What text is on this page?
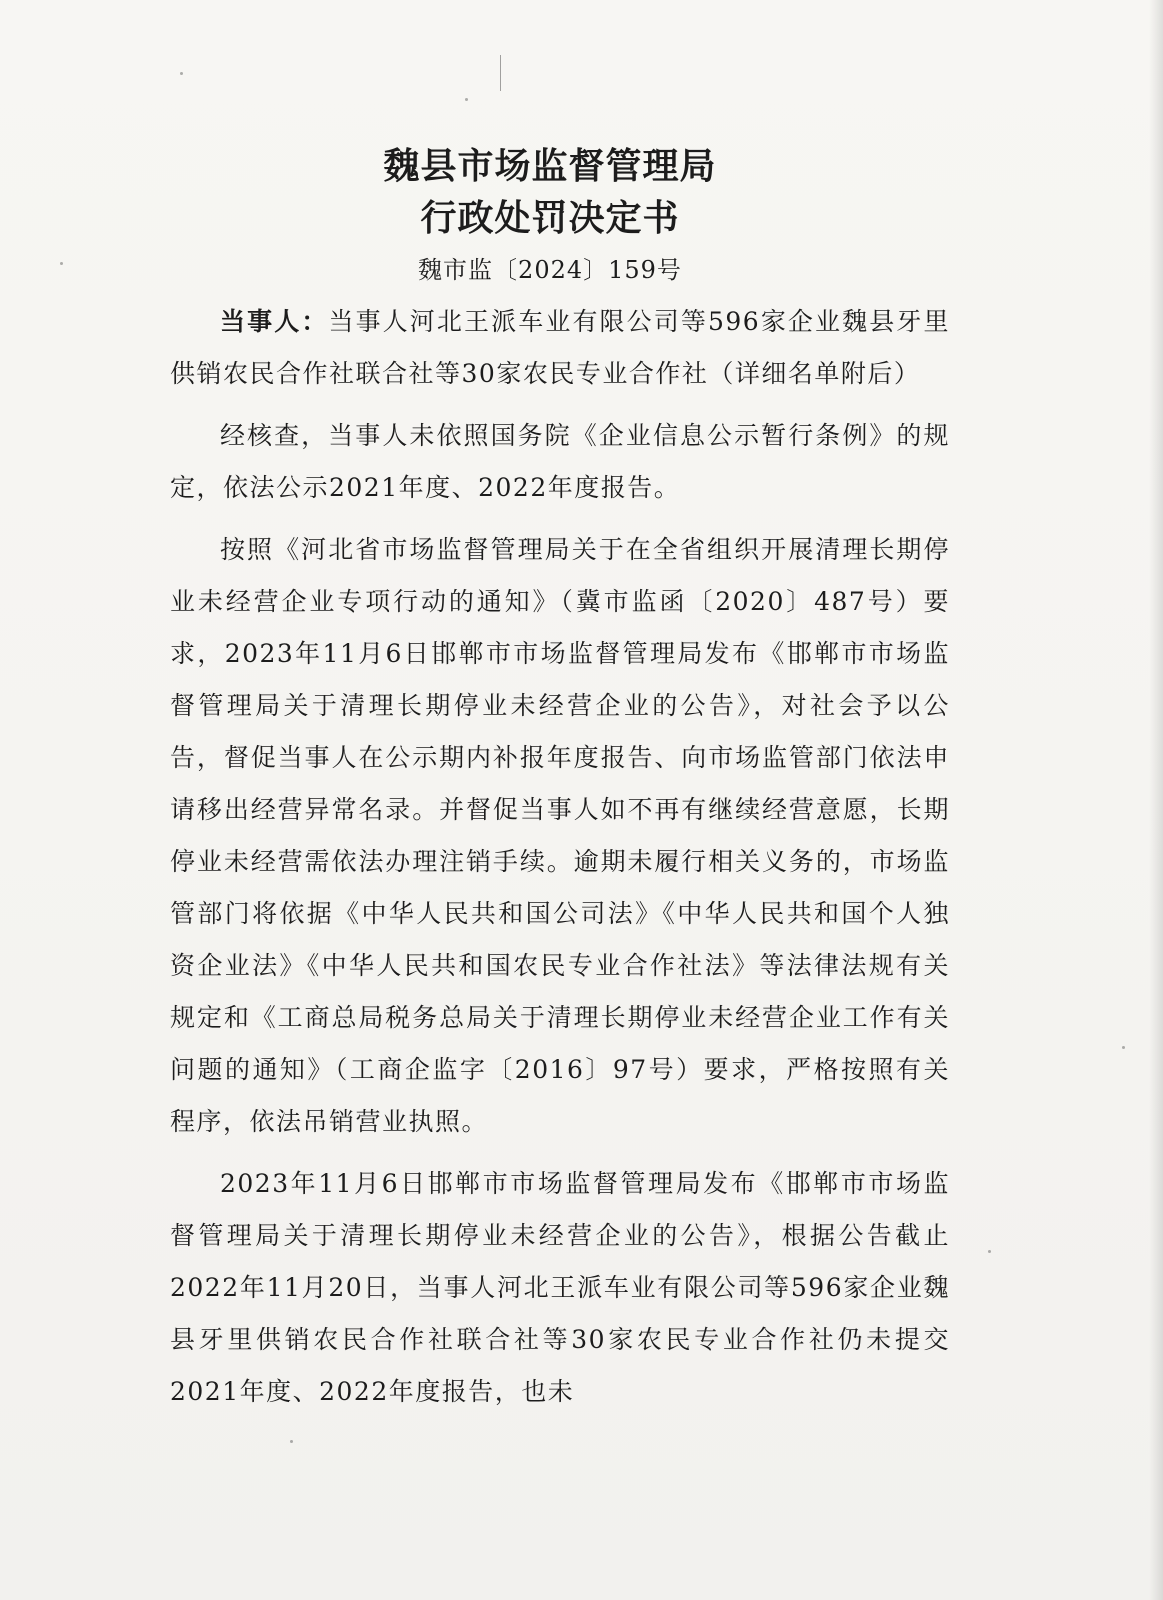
魏县市场监督管理局
行政处罚决定书
魏市监〔2024〕159号

当事人：当事人河北王派车业有限公司等596家企业魏县牙里供销农民合作社联合社等30家农民专业合作社（详细名单附后）

经核查，当事人未依照国务院《企业信息公示暂行条例》的规定，依法公示2021年度、2022年度报告。

按照《河北省市场监督管理局关于在全省组织开展清理长期停业未经营企业专项行动的通知》（冀市监函〔2020〕487号）要求，2023年11月6日邯郸市市场监督管理局发布《邯郸市市场监督管理局关于清理长期停业未经营企业的公告》，对社会予以公告，督促当事人在公示期内补报年度报告、向市场监管部门依法申请移出经营异常名录。并督促当事人如不再有继续经营意愿，长期停业未经营需依法办理注销手续。逾期未履行相关义务的，市场监管部门将依据《中华人民共和国公司法》《中华人民共和国个人独资企业法》《中华人民共和国农民专业合作社法》等法律法规有关规定和《工商总局税务总局关于清理长期停业未经营企业工作有关问题的通知》（工商企监字〔2016〕97号）要求，严格按照有关程序，依法吊销营业执照。

2023年11月6日邯郸市市场监督管理局发布《邯郸市市场监督管理局关于清理长期停业未经营企业的公告》，根据公告截止2022年11月20日，当事人河北王派车业有限公司等596家企业魏县牙里供销农民合作社联合社等30家农民专业合作社仍未提交2021年度、2022年度报告，也未
